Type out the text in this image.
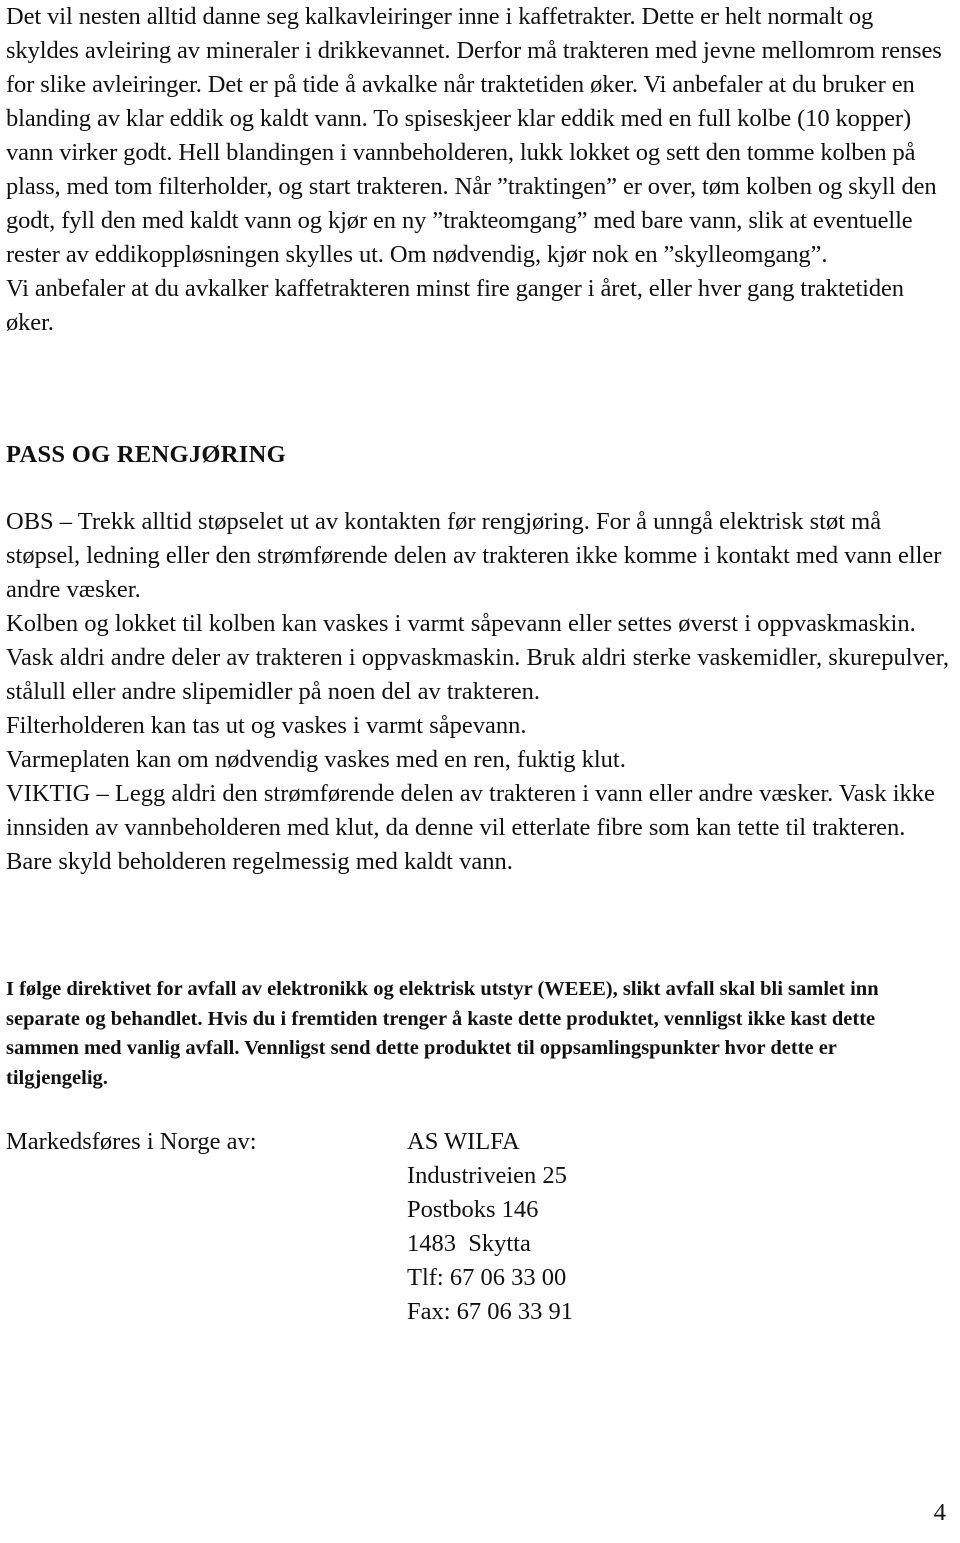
Det vil nesten alltid danne seg kalkavleiringer inne i kaffetrakter. Dette er helt normalt og skyldes avleiring av mineraler i drikkevannet. Derfor må trakteren med jevne mellomrom renses for slike avleiringer. Det er på tide å avkalke når traktetiden øker. Vi anbefaler at du bruker en blanding av klar eddik og kaldt vann. To spiseskjeer klar eddik med en full kolbe (10 kopper) vann virker godt. Hell blandingen i vannbeholderen, lukk lokket og sett den tomme kolben på plass, med tom filterholder, og start trakteren. Når ”traktingen” er over, tøm kolben og skyll den godt, fyll den med kaldt vann og kjør en ny ”trakteomgang” med bare vann, slik at eventuelle rester av eddikoppløsningen skylles ut. Om nødvendig, kjør nok en ”skylleomgang”.

Vi anbefaler at du avkalker kaffetrakteren minst fire ganger i året, eller hver gang traktetiden øker.

PASS OG RENGJØRING

OBS – Trekk alltid støpselet ut av kontakten før rengjøring. For å unngå elektrisk støt må støpsel, ledning eller den strømførende delen av trakteren ikke komme i kontakt med vann eller andre væsker.

Kolben og lokket til kolben kan vaskes i varmt såpevann eller settes øverst i oppvaskmaskin. Vask aldri andre deler av trakteren i oppvaskmaskin. Bruk aldri sterke vaskemidler, skurepulver, stålull eller andre slipemidler på noen del av trakteren.

Filterholderen kan tas ut og vaskes i varmt såpevann.

Varmeplaten kan om nødvendig vaskes med en ren, fuktig klut.

VIKTIG – Legg aldri den strømførende delen av trakteren i vann eller andre væsker. Vask ikke innsiden av vannbeholderen med klut, da denne vil etterlate fibre som kan tette til trakteren. Bare skyld beholderen regelmessig med kaldt vann.

I følge direktivet for avfall av elektronikk og elektrisk utstyr (WEEE), slikt avfall skal bli samlet inn separate og behandlet. Hvis du i fremtiden trenger å kaste dette produktet, vennligst ikke kast dette sammen med vanlig avfall. Vennligst send dette produktet til oppsamlingspunkter hvor dette er tilgjengelig.

Markedsføres i Norge av:	AS WILFA
Industriveien 25
Postboks 146
1483  Skytta
Tlf: 67 06 33 00
Fax: 67 06 33 91
4
